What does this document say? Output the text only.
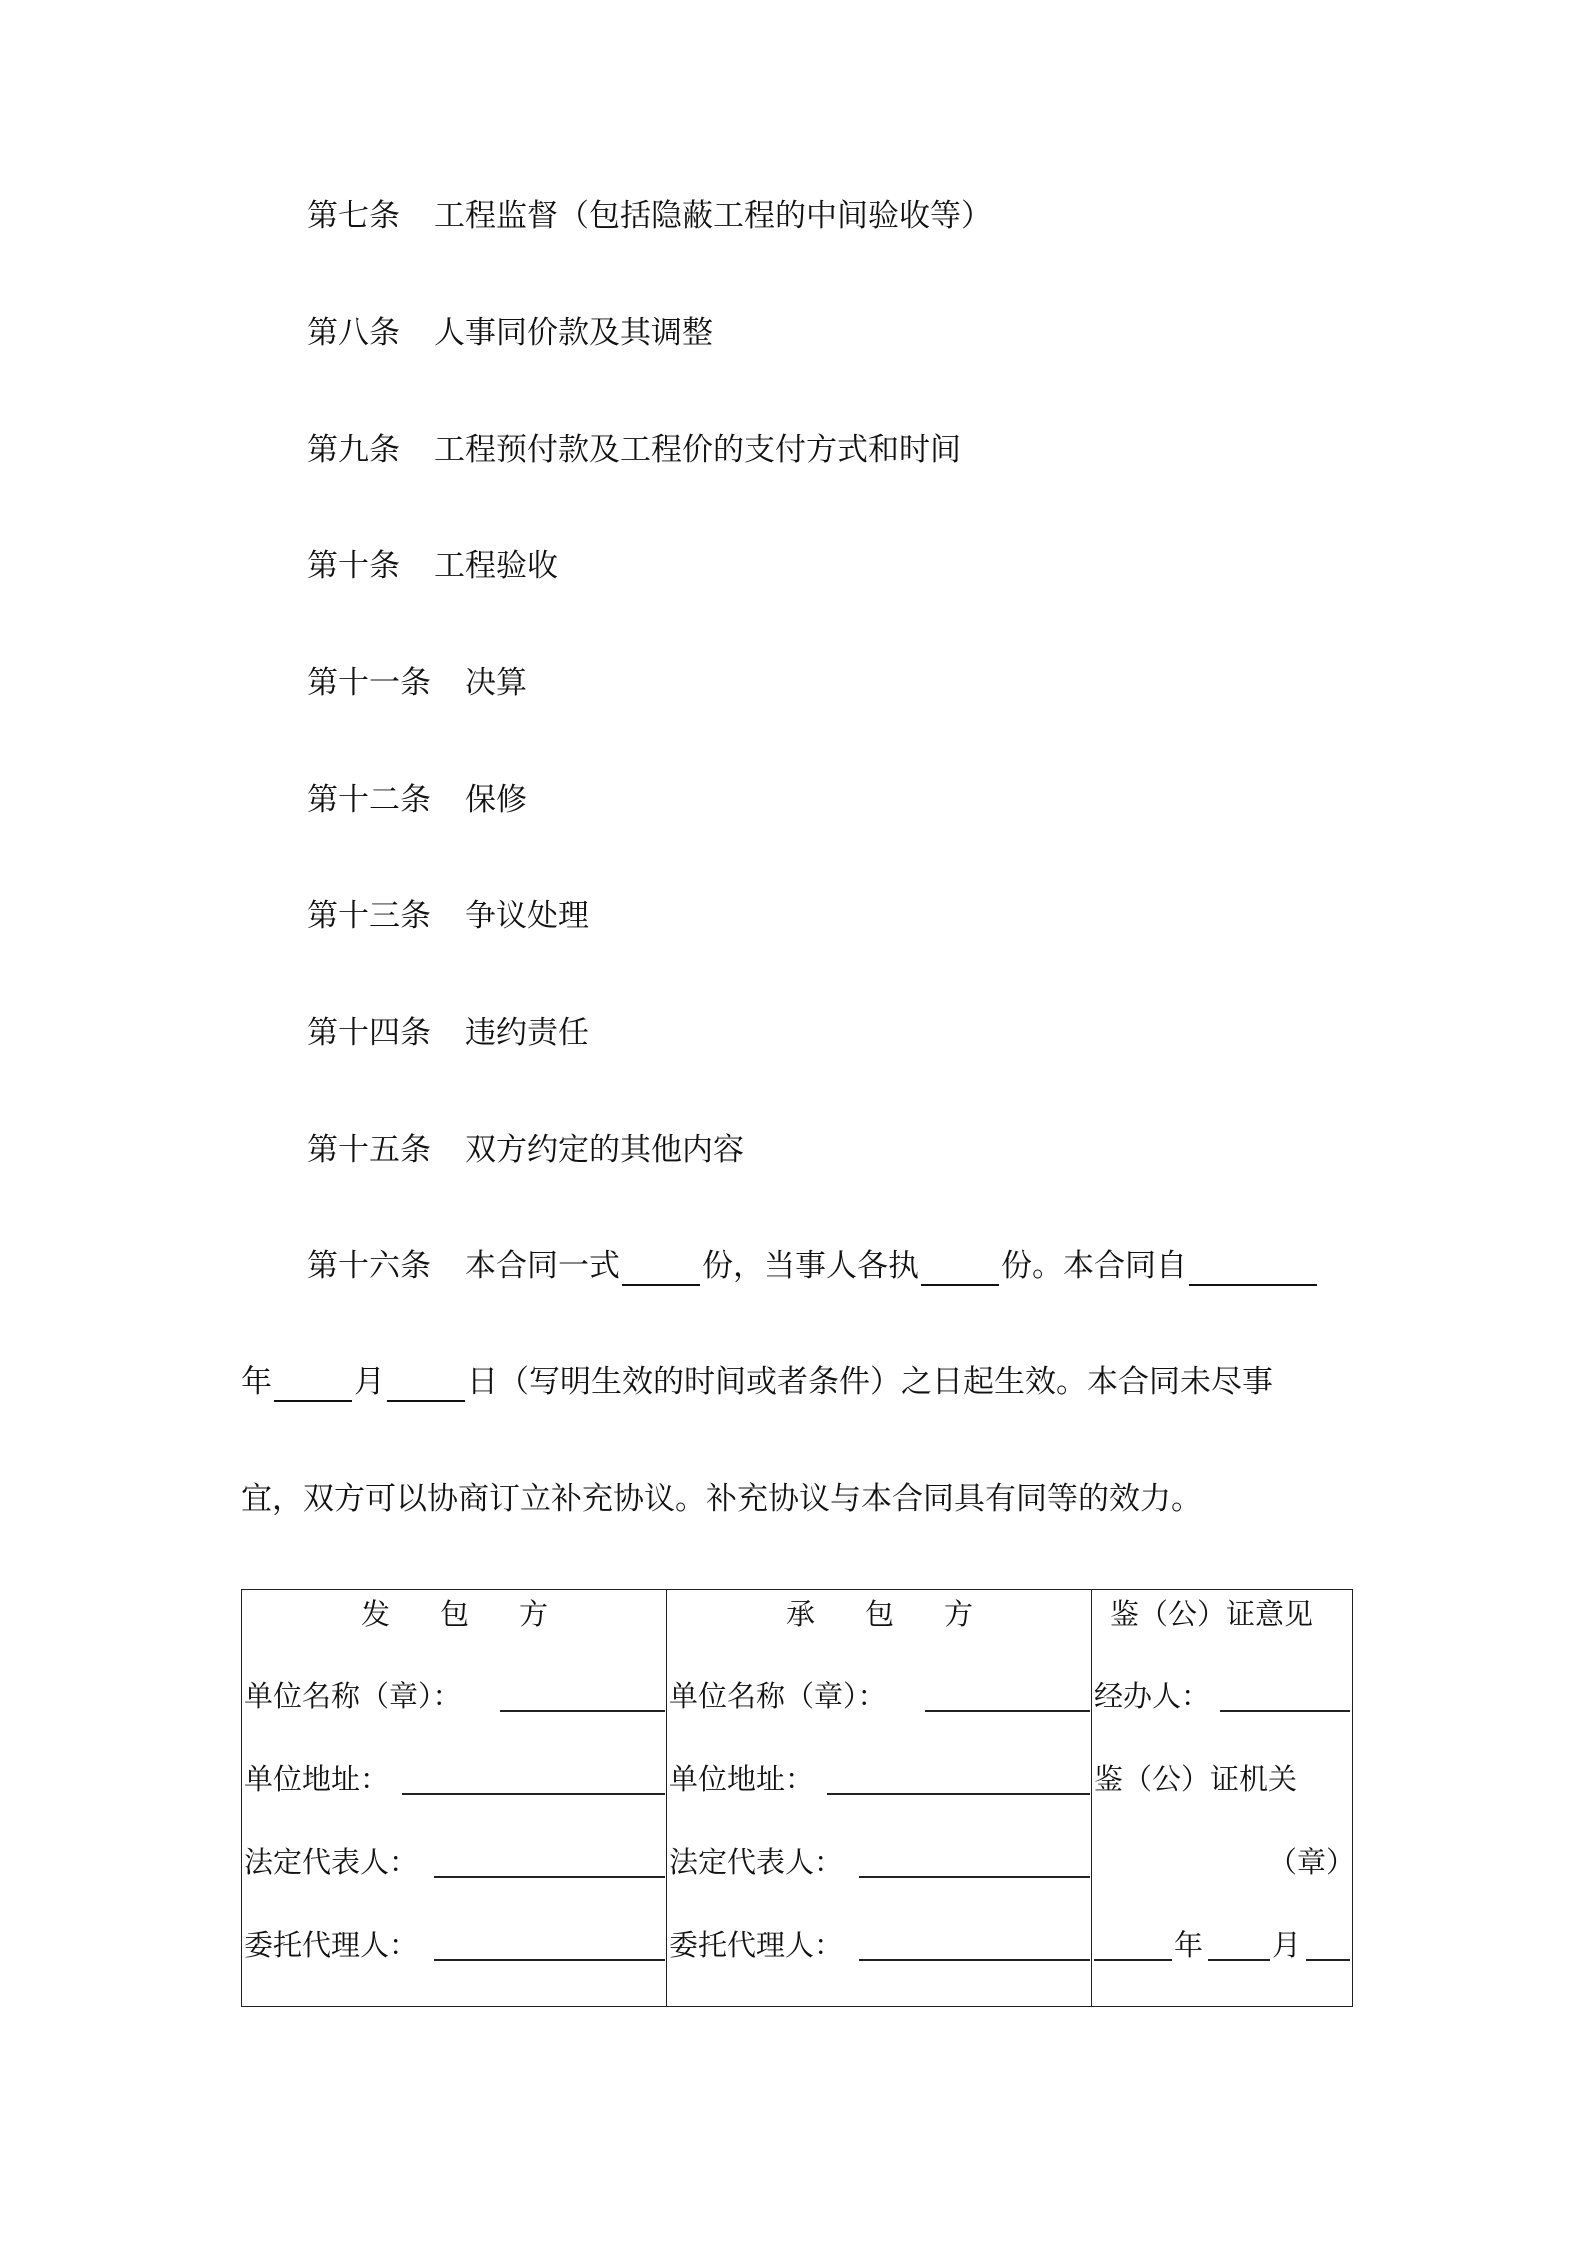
第七条 工程监督（包括隐蔽工程的中间验收等）
第八条 人事同价款及其调整
第九条 工程预付款及工程价的支付方式和时间
第十条 工程验收
第十一条 决算
第十二条 保修
第十三条 争议处理
第十四条 违约责任
第十五条 双方约定的其他内容
第十六条 本合同一式	份，当事人各执	份。本合同自
年	月	日（写明生效的时间或者条件）之日起生效。本合同未尽事
宜，双方可以协商订立补充协议。补充协议与本合同具有同等的效力。
发 包 方
单位名称（章）：
单位地址：
法定代表人：
委托代理人：
承 包 方
单位名称（章）：
单位地址：
法定代表人：
委托代理人：
鉴（公）证意见
经办人：
鉴（公）证机关
（章）
年 月
